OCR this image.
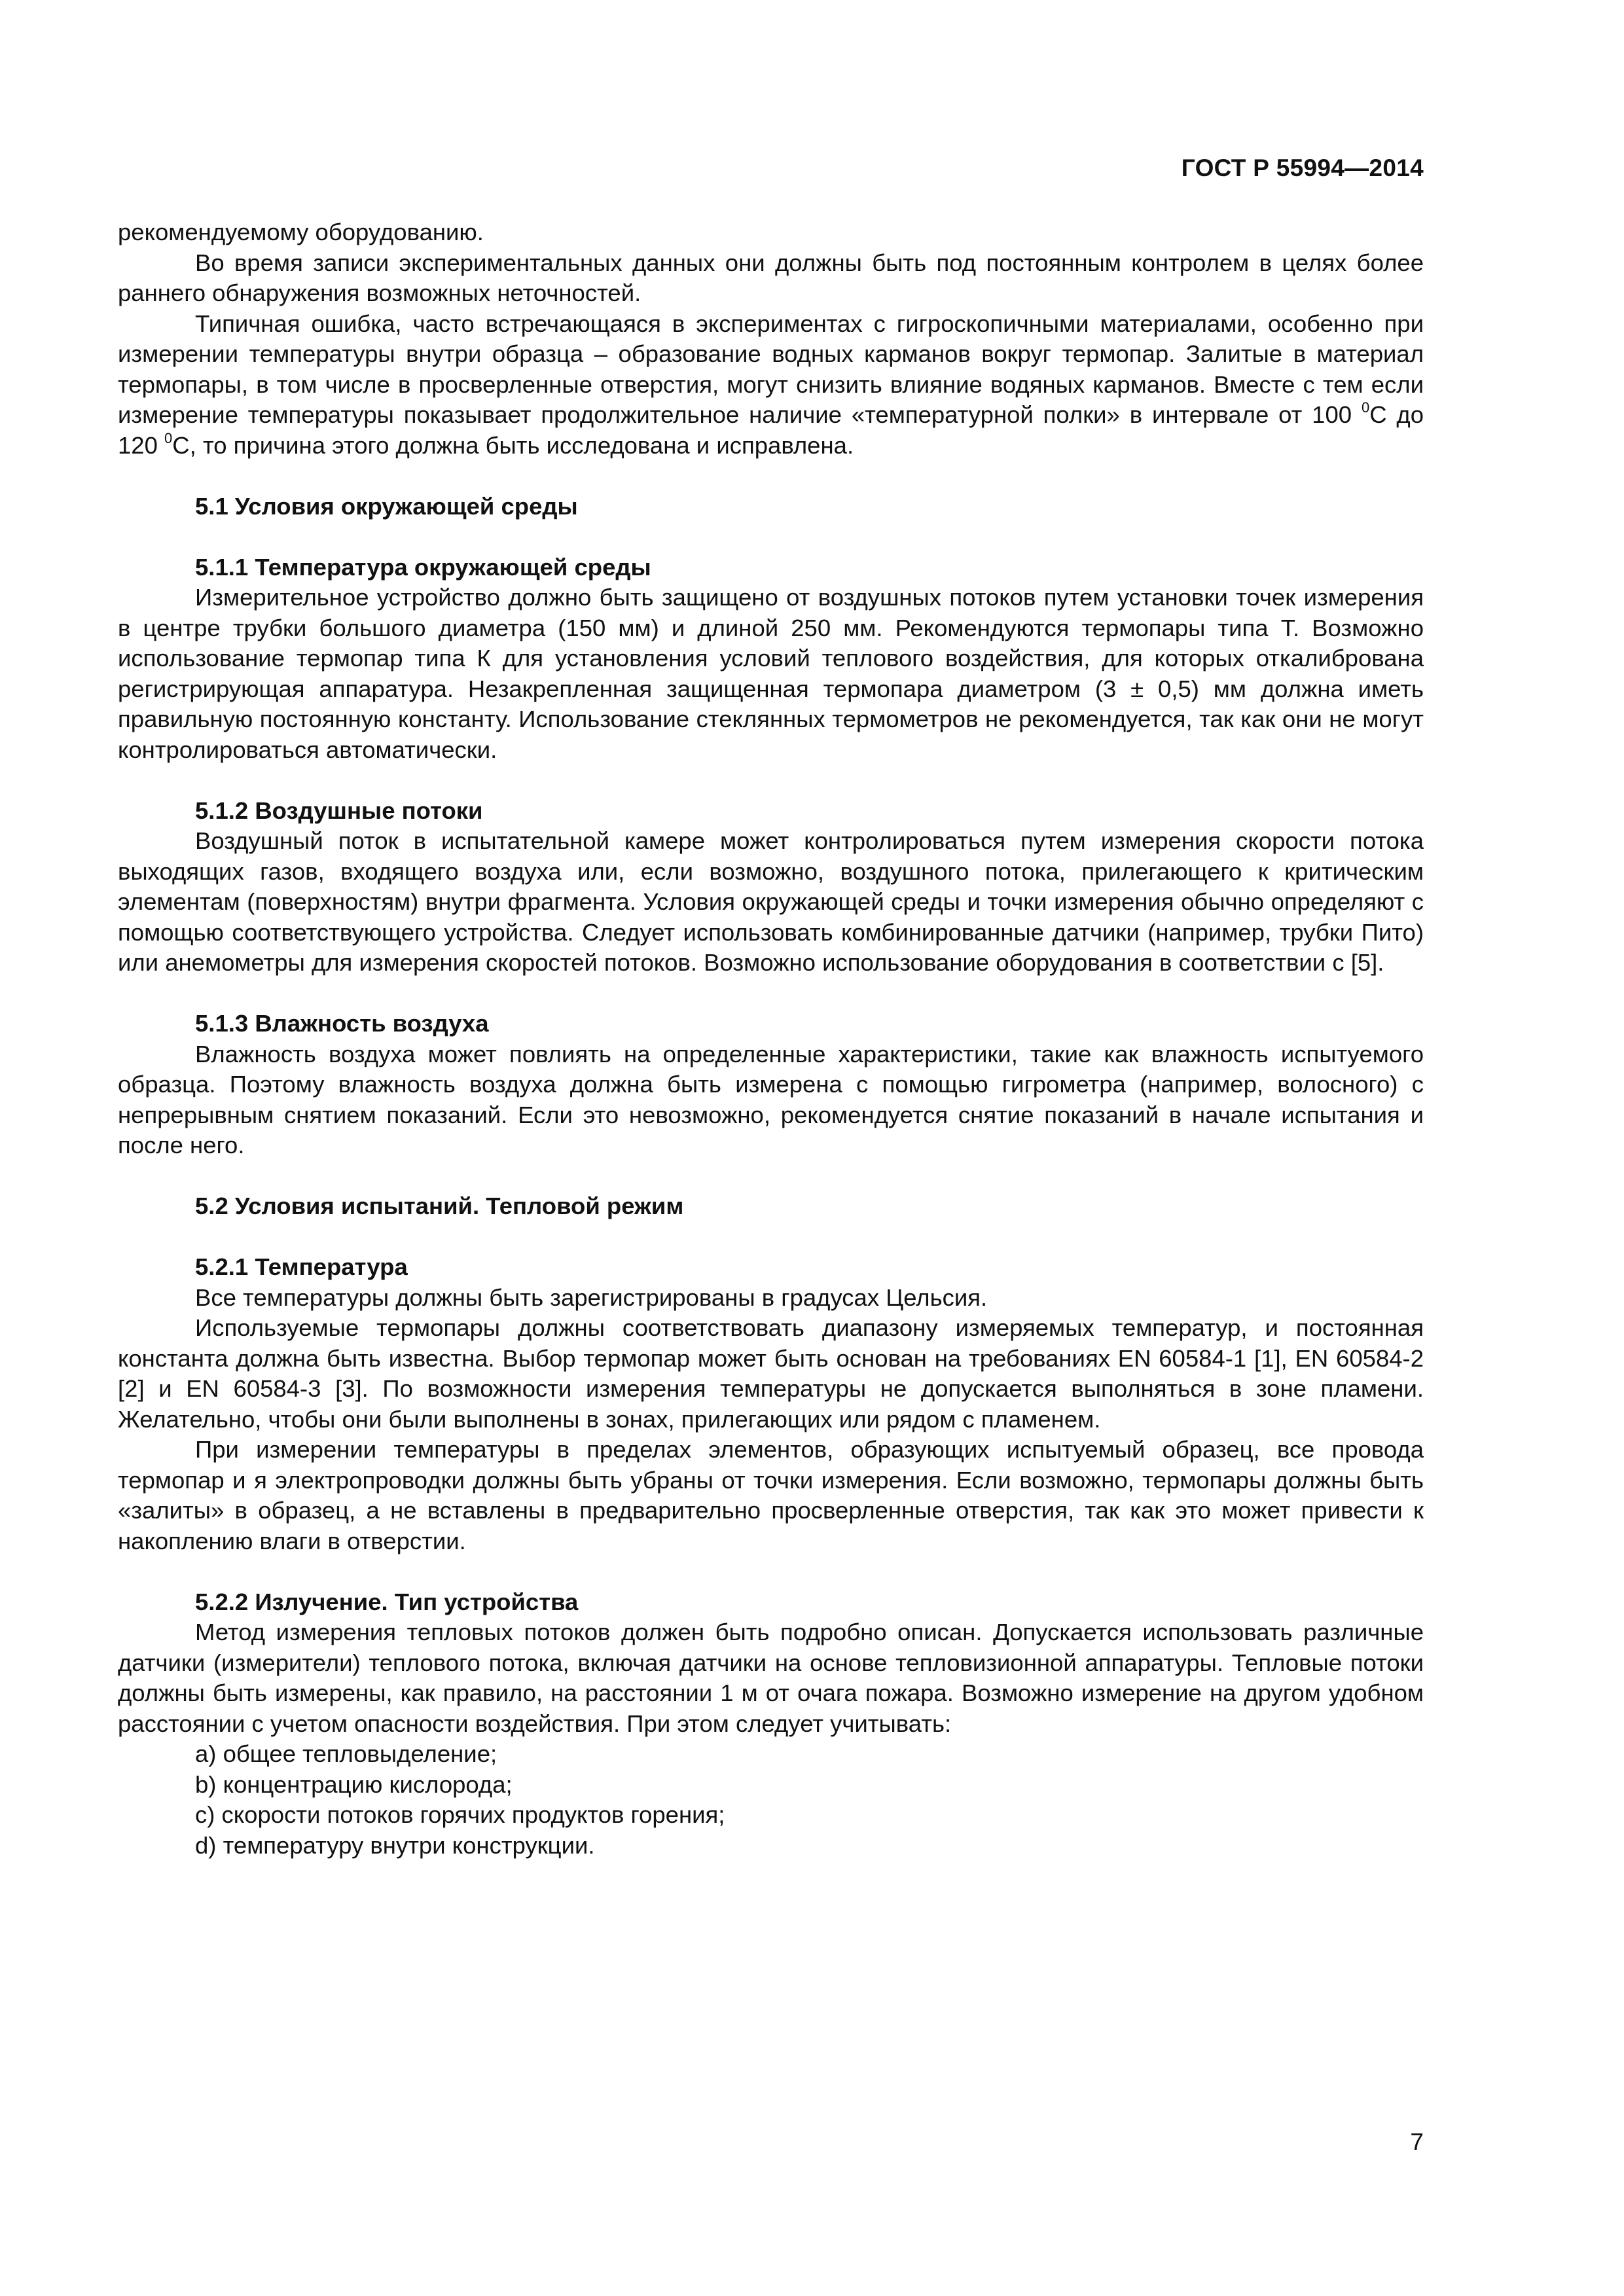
ГОСТ Р 55994—2014

рекомендуемому оборудованию.

Во время записи экспериментальных данных они должны быть под постоянным контролем в целях более раннего обнаружения возможных неточностей.

Типичная ошибка, часто встречающаяся в экспериментах с гигроскопичными материалами, особенно при измерении температуры внутри образца – образование водных карманов вокруг термопар. Залитые в материал термопары, в том числе в просверленные отверстия, могут снизить влияние водяных карманов. Вместе с тем если измерение температуры показывает продолжительное наличие «температурной полки» в интервале от 100 $^0$С до 120 $^0$С, то причина этого должна быть исследована и исправлена.

5.1 Условия окружающей среды
5.1.1 Температура окружающей среды

Измерительное устройство должно быть защищено от воздушных потоков путем установки точек измерения в центре трубки большого диаметра (150 мм) и длиной 250 мм. Рекомендуются термопары типа T. Возможно использование термопар типа К для установления условий теплового воздействия, для которых откалибрована регистрирующая аппаратура. Незакрепленная защищенная термопара диаметром (3 ± 0,5) мм должна иметь правильную постоянную константу. Использование стеклянных термометров не рекомендуется, так как они не могут контролироваться автоматически.

5.1.2 Воздушные потоки

Воздушный поток в испытательной камере может контролироваться путем измерения скорости потока выходящих газов, входящего воздуха или, если возможно, воздушного потока, прилегающего к критическим элементам (поверхностям) внутри фрагмента. Условия окружающей среды и точки измерения обычно определяют с помощью соответствующего устройства. Следует использовать комбинированные датчики (например, трубки Пито) или анемометры для измерения скоростей потоков. Возможно использование оборудования в соответствии с [5].

5.1.3 Влажность воздуха

Влажность воздуха может повлиять на определенные характеристики, такие как влажность испытуемого образца. Поэтому влажность воздуха должна быть измерена с помощью гигрометра (например, волосного) с непрерывным снятием показаний. Если это невозможно, рекомендуется снятие показаний в начале испытания и после него.

5.2 Условия испытаний. Тепловой режим
5.2.1 Температура

Все температуры должны быть зарегистрированы в градусах Цельсия.

Используемые термопары должны соответствовать диапазону измеряемых температур, и постоянная константа должна быть известна. Выбор термопар может быть основан на требованиях EN 60584-1 [1], EN 60584-2 [2] и EN 60584-3 [3]. По возможности измерения температуры не допускается выполняться в зоне пламени. Желательно, чтобы они были выполнены в зонах, прилегающих или рядом с пламенем.

При измерении температуры в пределах элементов, образующих испытуемый образец, все провода термопар и я электропроводки должны быть убраны от точки измерения. Если возможно, термопары должны быть «залиты» в образец, а не вставлены в предварительно просверленные отверстия, так как это может привести к накоплению влаги в отверстии.

5.2.2 Излучение. Тип устройства

Метод измерения тепловых потоков должен быть подробно описан. Допускается использовать различные датчики (измерители) теплового потока, включая датчики на основе тепловизионной аппаратуры. Тепловые потоки должны быть измерены, как правило, на расстоянии 1 м от очага пожара. Возможно измерение на другом удобном расстоянии с учетом опасности воздействия. При этом следует учитывать:

а) общее тепловыделение;

b) концентрацию кислорода;

c) скорости потоков горячих продуктов горения;

d) температуру внутри конструкции.

7
